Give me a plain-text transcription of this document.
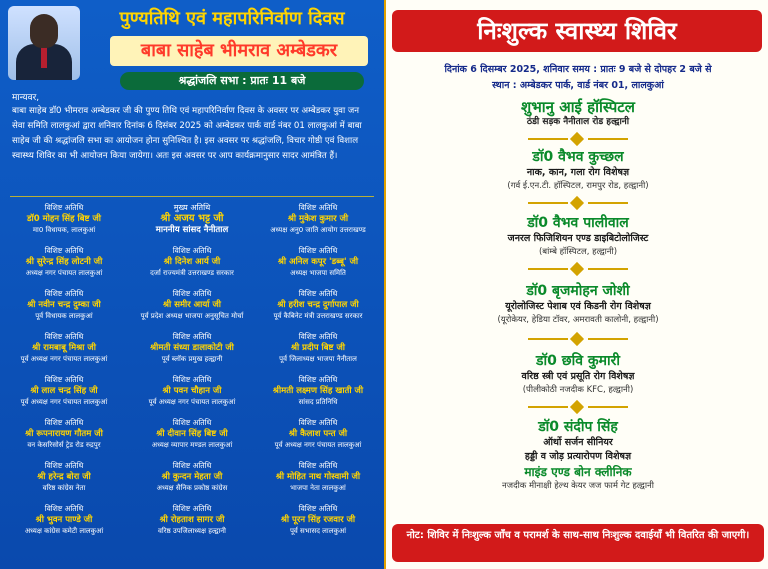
पुण्यतिथि एवं महापरिनिर्वाण दिवस
बाबा साहेब भीमराव अम्बेडकर
श्रद्धांजलि सभा : प्रातः 11 बजे
मान्यवर,
बाबा साहेब डॉ0 भीमराव अम्बेडकर जी की पुण्य तिथि एवं महापरिनिर्वाण दिवस के अवसर पर अम्बेडकर युवा जन सेवा समिति लालकुआं द्वारा शनिवार दिनांक 6 दिसंबर 2025 को अम्बेडकर पार्क वार्ड नंबर 01 लालकुआं में बाबा साहेब जी की श्रद्धांजलि सभा का आयोजन होना सुनिश्चित है। इस अवसर पर श्रद्धांजलि, विचार गोष्ठी एवं विशाल स्वास्थ्य शिविर का भी आयोजन किया जायेगा। अतः इस अवसर पर आप कार्यक्रमानुसार सादर आमंत्रित हैं।
विशिष्ट अतिथि
डॉ0 मोहन सिंह बिष्ट जी
मा0 विधायक, लालकुआं
विशिष्ट अतिथि
श्री सुरेन्द्र सिंह लोटनी जी
अध्यक्ष नगर पंचायत लालकुआं
विशिष्ट अतिथि
श्री नवीन चन्द्र दुम्का जी
पूर्व विधायक लालकुआं
विशिष्ट अतिथि
श्री रामबाबू मिश्रा जी
पूर्व अध्यक्ष नगर पंचायत लालकुआं
विशिष्ट अतिथि
श्री लाल चन्द्र सिंह जी
पूर्व अध्यक्ष नगर पंचायत लालकुआं
विशिष्ट अतिथि
श्री रूपनारायण गौतम जी
वन केसरिसोर्स ट्रेड रोड रुद्रपुर
विशिष्ट अतिथि
श्री हरेन्द्र बोरा जी
वरिष्ठ कांग्रेस नेता
विशिष्ट अतिथि
श्री भुवन पाण्डे जी
अध्यक्ष कांग्रेस कमेटी लालकुआं
मुख्य अतिथि
श्री अजय भट्ट जी
माननीय सांसद नैनीताल
विशिष्ट अतिथि
श्री दिनेश आर्य जी
दर्जा राज्यमंत्री उत्तराखण्ड सरकार
विशिष्ट अतिथि
श्री समीर आर्या जी
पूर्व प्रदेश अध्यक्ष भाजपा अनुसूचित मोर्चा
विशिष्ट अतिथि
श्रीमती संध्या डालाकोटी जी
पूर्व ब्लॉक प्रमुख हल्द्वानी
विशिष्ट अतिथि
श्री पवन चौहान जी
पूर्व अध्यक्ष नगर पंचायत लालकुआं
विशिष्ट अतिथि
श्री दीवान सिंह बिष्ट जी
अध्यक्ष व्यापार मण्डल लालकुआं
विशिष्ट अतिथि
श्री कुन्दन मेहता जी
अध्यक्ष सैनिक प्रकोष्ठ कांग्रेस
विशिष्ट अतिथि
श्री रोहताश सागर जी
वरिष्ठ उपजिलाध्यक्ष हल्द्वानी
विशिष्ट अतिथि
श्री मुकेश कुमार जी
अध्यक्ष अनु0 जाति आयोग उत्तराखण्ड
विशिष्ट अतिथि
श्री अनिल कपूर 'डब्बू' जी
अध्यक्ष भाजपा समिति
विशिष्ट अतिथि
श्री हरीश चन्द्र दुर्गापाल जी
पूर्व कैबिनेट मंत्री उत्तराखण्ड सरकार
विशिष्ट अतिथि
श्री प्रदीप बिष्ट जी
पूर्व जिलाध्यक्ष भाजपा नैनीताल
विशिष्ट अतिथि
श्रीमती लक्ष्मण सिंह खाती जी
सांसद प्रतिनिधि
विशिष्ट अतिथि
श्री कैलाश पन्त जी
पूर्व अध्यक्ष नगर पंचायत लालकुआं
विशिष्ट अतिथि
श्री मोहित नाथ गोस्वामी जी
भाजपा नेता लालकुआं
विशिष्ट अतिथि
श्री पूरन सिंह रजवार जी
पूर्व सभासद लालकुआं
निःशुल्क स्वास्थ्य शिविर
दिनांक 6 दिसम्बर 2025, शनिवार समय : प्रातः 9 बजे से दोपहर 2 बजे से
स्थान : अम्बेडकर पार्क, वार्ड नंबर 01, लालकुआं
शुभानु आई हॉस्पिटल
ठंडी सड़क नैनीताल रोड हल्द्वानी
डॉ0 वैभव कुच्छल
नाक, कान, गला रोग विशेषज्ञ
(गर्व ई.एन.टी. हॉस्पिटल, रामपुर रोड, हल्द्वानी)
डॉ0 वैभव पालीवाल
जनरल फिजिशियन एण्ड डाइबिटोलोजिस्ट
(बांम्बे हॉस्पिटल, हल्द्वानी)
डॉ0 बृजमोहन जोशी
यूरोलोजिस्ट पेशाब एवं किडनी रोग विशेषज्ञ
(यूरोकेयर, हेडिया टॉवर, अमरावती कालोनी, हल्द्वानी)
डॉ0 छवि कुमारी
वरिष्ठ स्त्री एवं प्रसूति रोग विशेषज्ञ
(पीलीकोठी नजदीक KFC, हल्द्वानी)
डॉ0 संदीप सिंह
ऑर्थो सर्जन सीनियर
हड्डी व जोड़ प्रत्यारोपण विशेषज्ञ
माइंड एण्ड बोन क्लीनिक
नजदीक मीनाक्षी हेल्थ केयर जज फार्म गेट हल्द्वानी
नोट: शिविर में निःशुल्क जाँच व परामर्श के साथ-साथ निःशुल्क दवाईयाँ भी वितरित की जाएगी।
